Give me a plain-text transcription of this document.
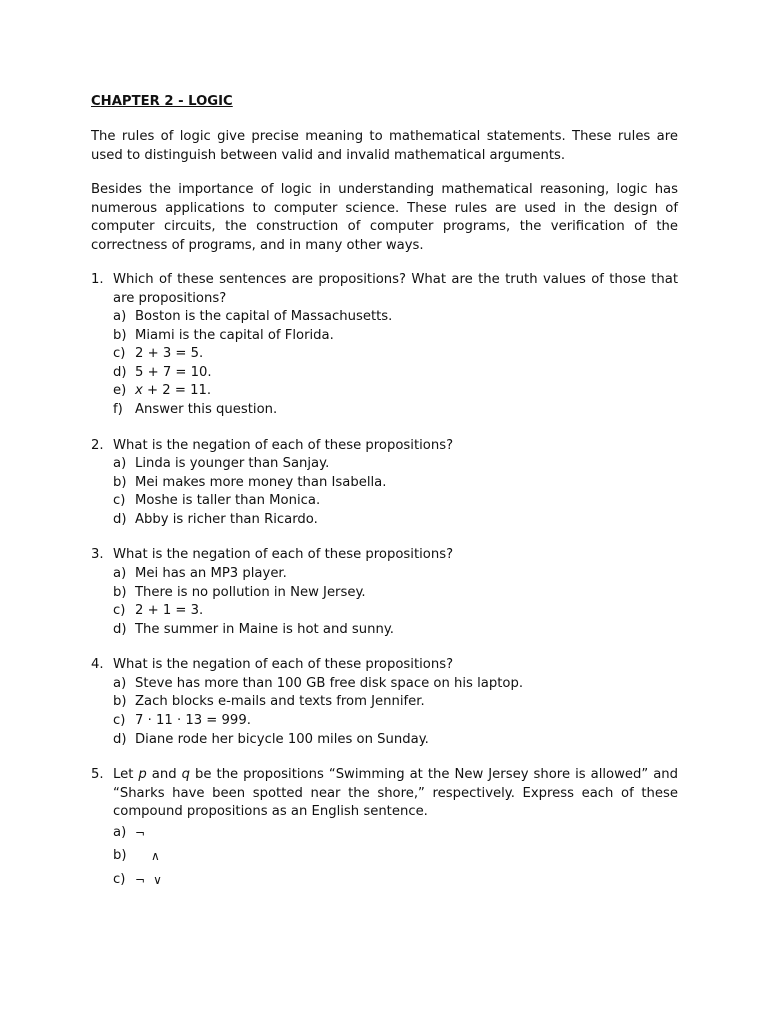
CHAPTER 2 - LOGIC

The rules of logic give precise meaning to mathematical statements. These rules are used to distinguish between valid and invalid mathematical arguments.

Besides the importance of logic in understanding mathematical reasoning, logic has numerous applications to computer science. These rules are used in the design of computer circuits, the construction of computer programs, the verification of the correctness of programs, and in many other ways.

1. Which of these sentences are propositions? What are the truth values of those that are propositions?
a) Boston is the capital of Massachusetts.
b) Miami is the capital of Florida.
c) 2 + 3 = 5.
d) 5 + 7 = 10.
e) x + 2 = 11.
f) Answer this question.
2. What is the negation of each of these propositions?
a) Linda is younger than Sanjay.
b) Mei makes more money than Isabella.
c) Moshe is taller than Monica.
d) Abby is richer than Ricardo.
3. What is the negation of each of these propositions?
a) Mei has an MP3 player.
b) There is no pollution in New Jersey.
c) 2 + 1 = 3.
d) The summer in Maine is hot and sunny.
4. What is the negation of each of these propositions?
a) Steve has more than 100 GB free disk space on his laptop.
b) Zach blocks e-mails and texts from Jennifer.
c) 7 · 11 · 13 = 999.
d) Diane rode her bicycle 100 miles on Sunday.
5. Let p and q be the propositions “Swimming at the New Jersey shore is allowed” and “Sharks have been spotted near the shore,” respectively. Express each of these compound propositions as an English sentence.
a) ¬
b) ∧
c) ¬ ∨
